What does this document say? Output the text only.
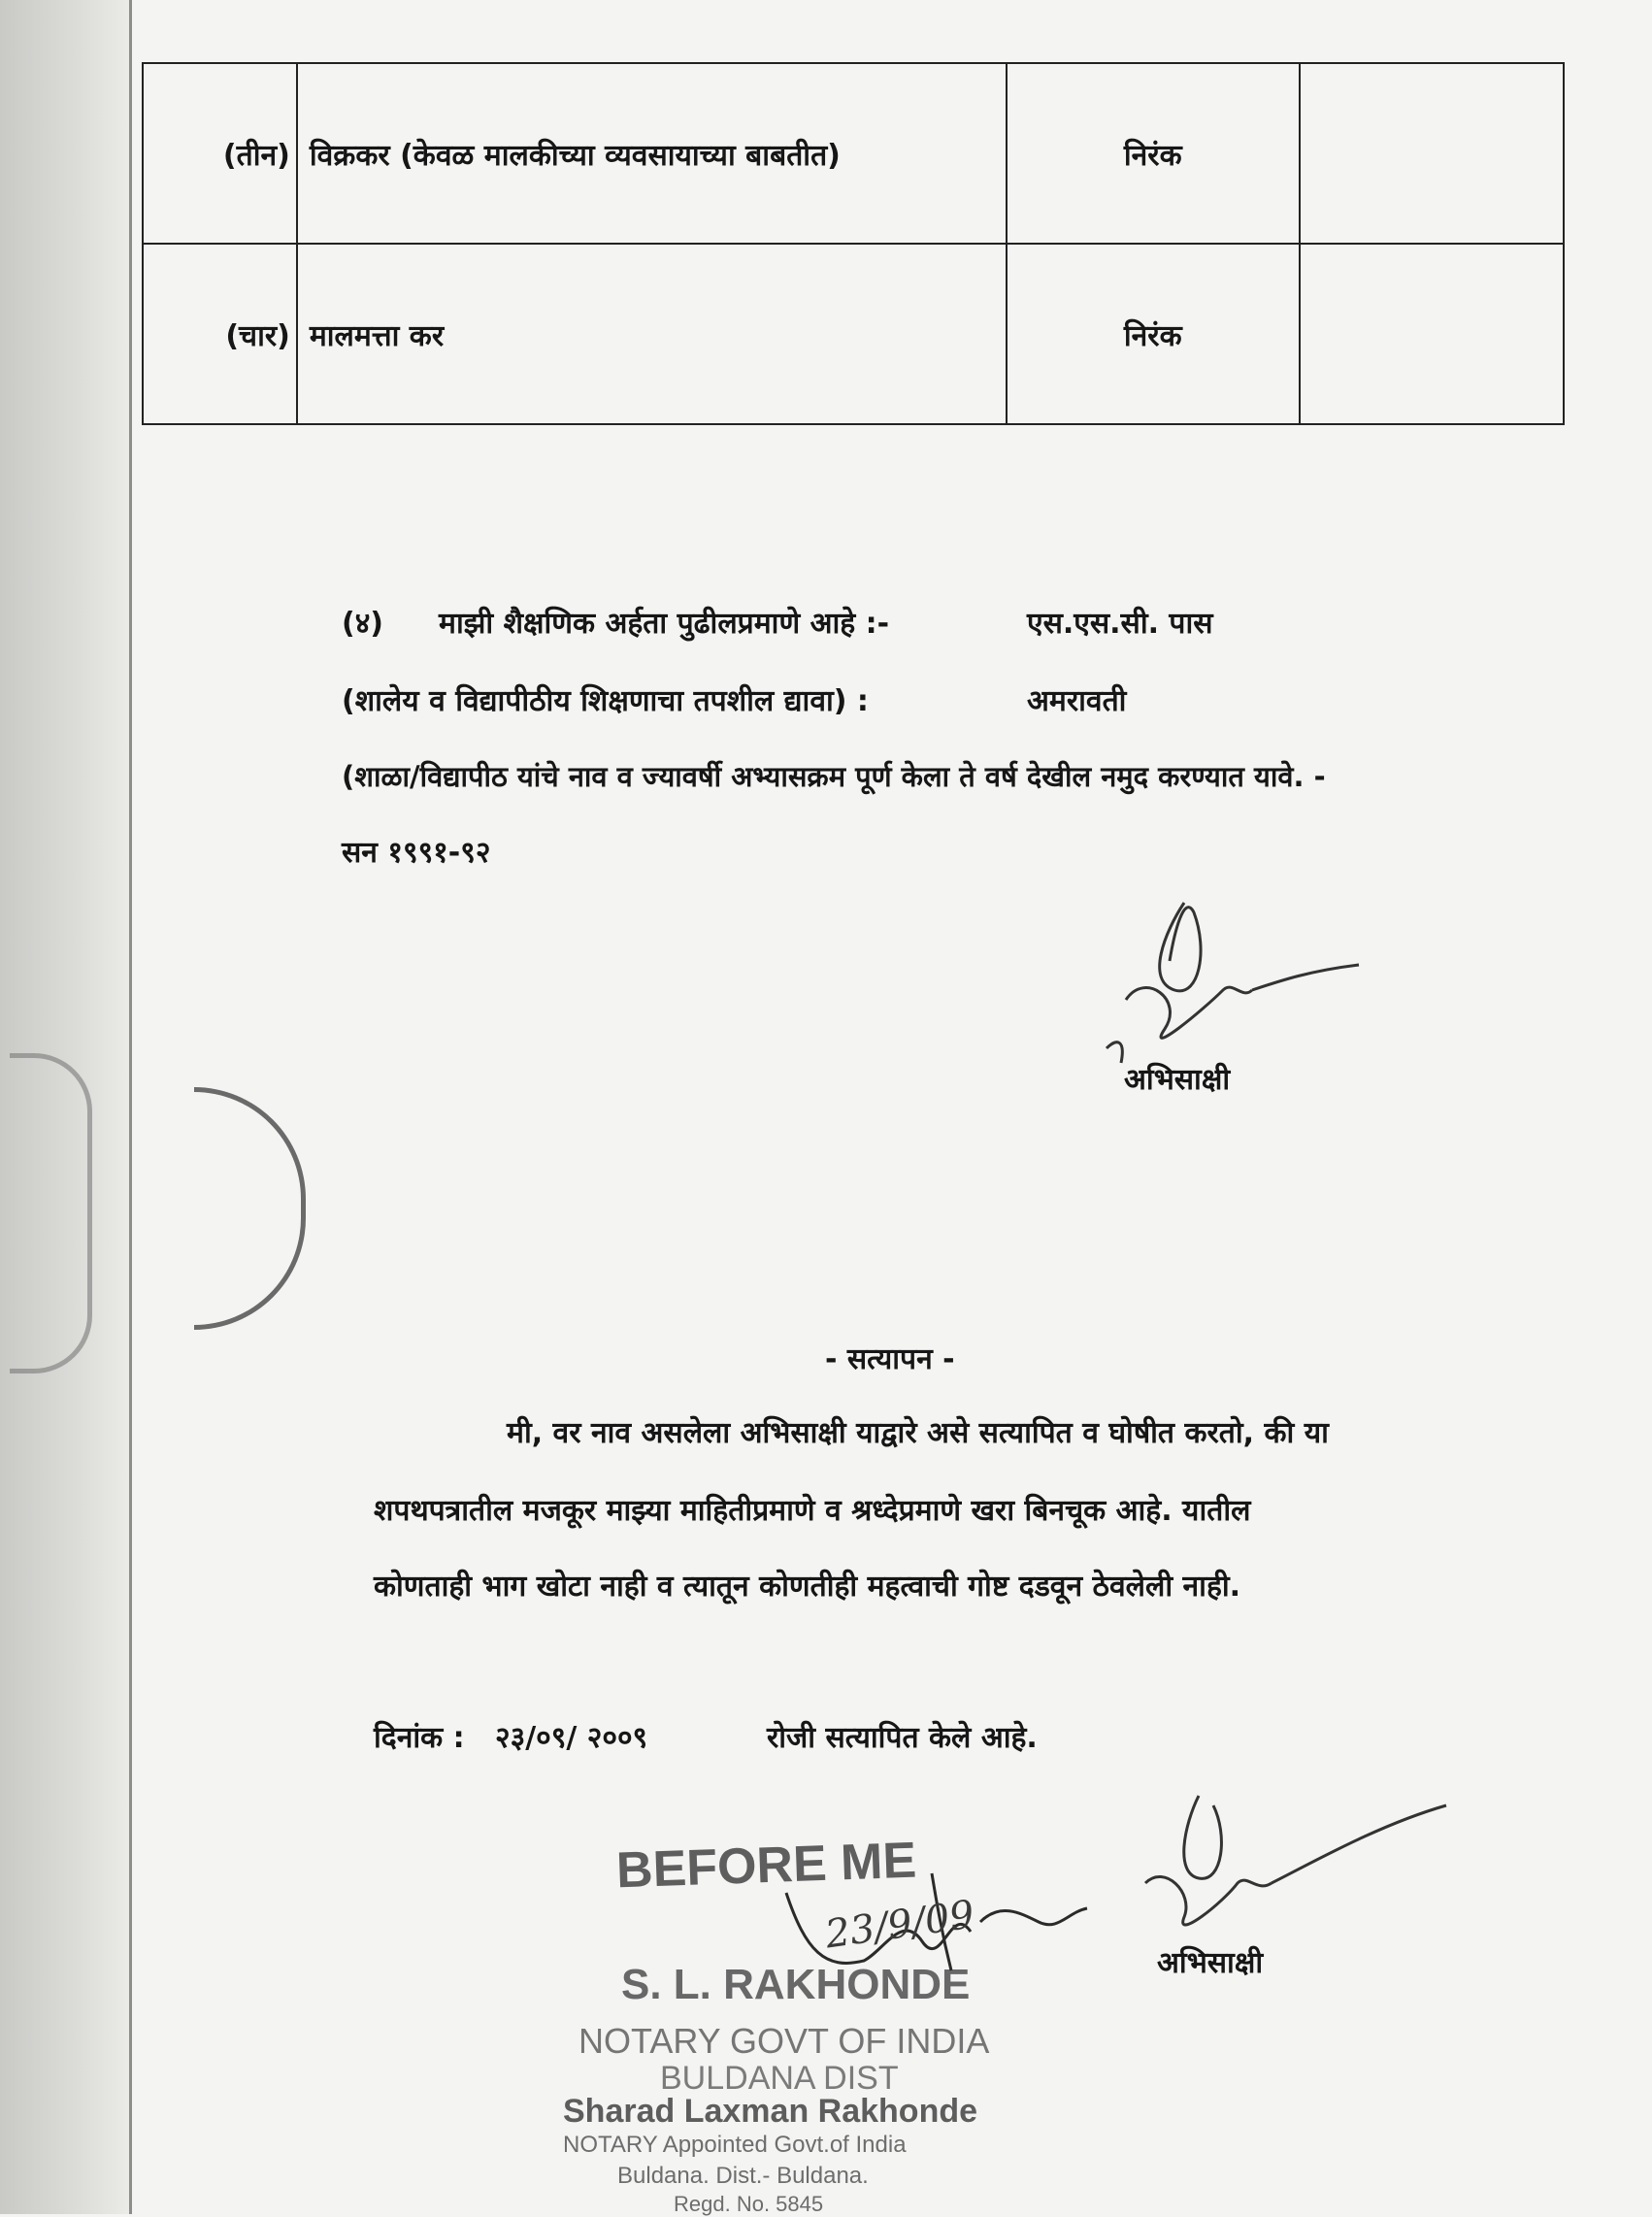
(तीन)	विक्रकर (केवळ मालकीच्या व्यवसायाच्या बाबतीत)	निरंक	
(चार)	मालमत्ता कर	निरंक	
(४) माझी शैक्षणिक अर्हता पुढीलप्रमाणे आहे :-	एस.एस.सी. पास
(शालेय व विद्यापीठीय शिक्षणाचा तपशील द्यावा) :	अमरावती
(शाळा/विद्यापीठ यांचे नाव व ज्यावर्षी अभ्यासक्रम पूर्ण केला ते वर्ष देखील नमुद करण्यात यावे. -
सन १९९१-९२
अभिसाक्षी
- सत्यापन -
मी, वर नाव असलेला अभिसाक्षी याद्वारे असे सत्यापित व घोषीत करतो, की या
शपथपत्रातील मजकूर माझ्या माहितीप्रमाणे व श्रध्देप्रमाणे खरा बिनचूक आहे. यातील
कोणताही भाग खोटा नाही व त्यातून कोणतीही महत्वाची गोष्ट दडवून ठेवलेली नाही.
दिनांक : २३/०९/ २००९	रोजी सत्यापित केले आहे.
BEFORE ME
S. L. RAKHONDE
NOTARY GOVT OF INDIA
BULDANA DIST
Sharad Laxman Rakhonde
NOTARY Appointed Govt.of India
Buldana. Dist.- Buldana.
Regd. No. 5845
23/9/09
अभिसाक्षी
